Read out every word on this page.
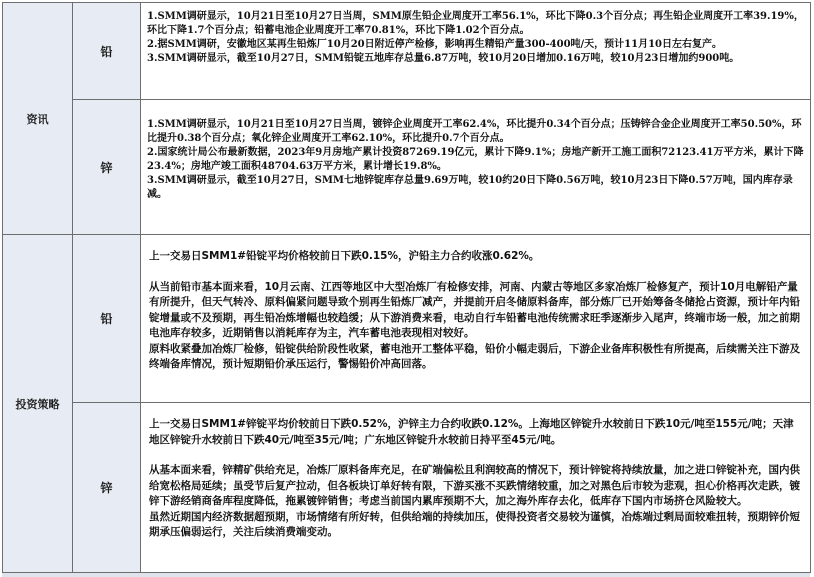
资讯	铅	1.SMM调研显示，10月21日至10月27日当周，SMM原生铅企业周度开工率56.1%，环比下降0.3个百分点；再生铅企业周度开工率39.19%，环比下降1.7个百分点；铅蓄电池企业周度开工率70.81%，环比下降1.02个百分点。

2.据SMM调研，安徽地区某再生铅炼厂10月20日附近停产检修，影响再生精铅产量300-400吨/天，预计11月10日左右复产。

3.SMM调研显示，截至10月27日，SMM铅锭五地库存总量6.87万吨，较10月20日增加0.16万吨，较10月23日增加约900吨。

	锌	1.SMM调研显示，10月21日至10月27日当周，镀锌企业周度开工率62.4%，环比提升0.34个百分点；压铸锌合金企业周度开工率50.50%，环比提升0.38个百分点；氧化锌企业周度开工率62.10%，环比提升0.7个百分点。

2.国家统计局公布最新数据，2023年9月房地产累计投资87269.19亿元，累计下降9.1%；房地产新开工施工面积72123.41万平方米，累计下降23.4%；房地产竣工面积48704.63万平方米，累计增长19.8%。

3.SMM调研显示，截至10月27日，SMM七地锌锭库存总量9.69万吨，较10约20日下降0.56万吨，较10月23日下降0.57万吨，国内库存录减。

投资策略	铅	上一交易日SMM1#铅锭平均价格较前日下跌0.15%，沪铅主力合约收涨0.62%。

从当前铅市基本面来看，10月云南、江西等地区中大型冶炼厂有检修安排，河南、内蒙古等地区多家冶炼厂检修复产，预计10月电解铅产量有所提升，但天气转冷、原料偏紧问题导致个别再生铅炼厂减产，并提前开启冬储原料备库，部分炼厂已开始筹备冬储抢占资源，预计年内铅锭增量或不及预期，再生铅冶炼增幅也较趋缓；从下游消费来看，电动自行车铅蓄电池传统需求旺季逐渐步入尾声，终端市场一般，加之前期电池库存较多，近期销售以消耗库存为主，汽车蓄电池表现相对较好。

原料收紧叠加冶炼厂检修，铅锭供给阶段性收紧，蓄电池开工整体平稳，铅价小幅走弱后，下游企业备库积极性有所提高，后续需关注下游及终端备库情况，预计短期铅价承压运行，警惕铅价冲高回落。

	锌	上一交易日SMM1#锌锭平均价较前日下跌0.52%，沪锌主力合约收跌0.12%。上海地区锌锭升水较前日下跌10元/吨至155元/吨；天津地区锌锭升水较前日下跌40元/吨至35元/吨；广东地区锌锭升水较前日持平至45元/吨。

从基本面来看，锌精矿供给充足，冶炼厂原料备库充足，在矿端偏松且利润较高的情况下，预计锌锭将持续放量，加之进口锌锭补充，国内供给宽松格局延续；虽受节后复产拉动，但各板块订单好转有限，下游买涨不买跌情绪较重，加之对黑色后市较为悲观，担心价格再次走跌，镀锌下游经销商备库程度降低，拖累镀锌销售；考虑当前国内累库预期不大，加之海外库存去化，低库存下国内市场挤仓风险较大。

虽然近期国内经济数据超预期，市场情绪有所好转，但供给端的持续加压，使得投资者交易较为谨慎，冶炼端过剩局面较难扭转，预期锌价短期承压偏弱运行，关注后续消费端变动。
